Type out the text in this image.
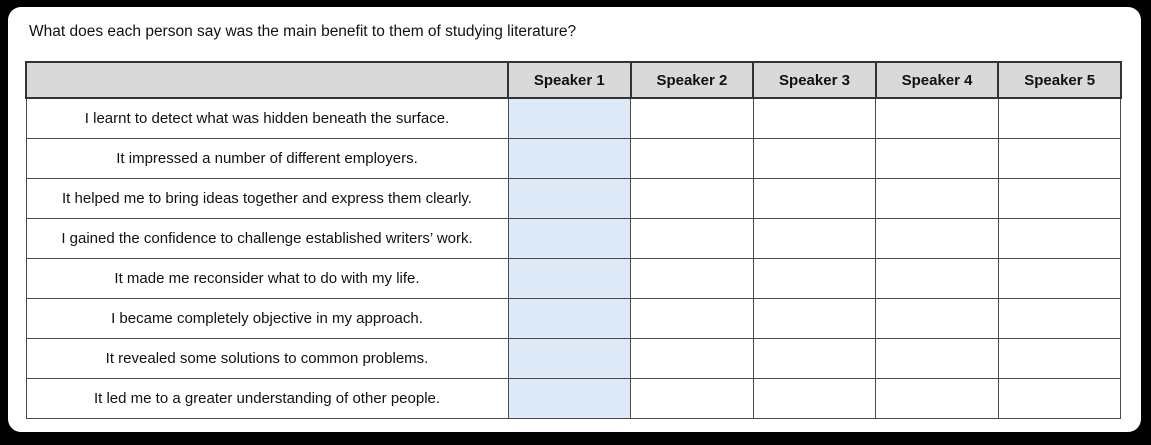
What does each person say was the main benefit to them of studying literature?
	Speaker 1	Speaker 2	Speaker 3	Speaker 4	Speaker 5
I learnt to detect what was hidden beneath the surface.					
It impressed a number of different employers.					
It helped me to bring ideas together and express them clearly.					
I gained the confidence to challenge established writers’ work.					
It made me reconsider what to do with my life.					
I became completely objective in my approach.					
It revealed some solutions to common problems.					
It led me to a greater understanding of other people.					
